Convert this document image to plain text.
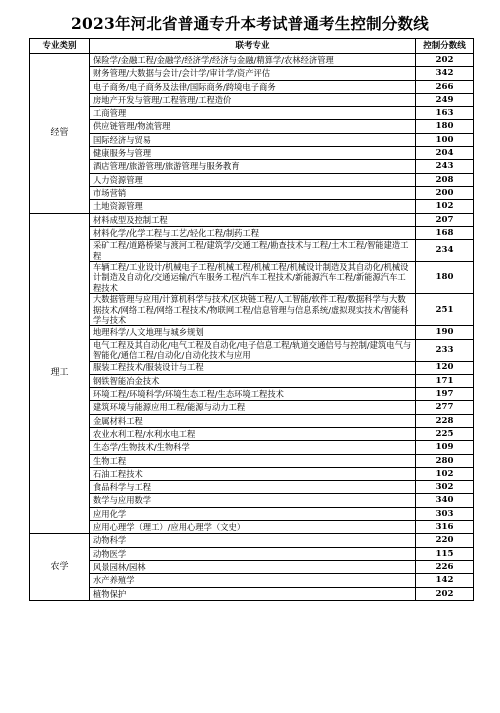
2023年河北省普通专升本考试普通考生控制分数线
专业类别	联考专业	控制分数线
经管	保险学/金融工程/金融学/经济学/经济与金融/精算学/农林经济管理	202
	财务管理/大数据与会计/会计学/审计学/资产评估	342
	电子商务/电子商务及法律/国际商务/跨境电子商务	266
	房地产开发与管理/工程管理/工程造价	249
	工商管理	163
	供应链管理/物流管理	180
	国际经济与贸易	100
	健康服务与管理	204
	酒店管理/旅游管理/旅游管理与服务教育	243
	人力资源管理	208
	市场营销	200
	土地资源管理	102
理工	材料成型及控制工程	207
	材料化学/化学工程与工艺/轻化工程/制药工程	168
	采矿工程/道路桥梁与渡河工程/建筑学/交通工程/勘查技术与工程/土木工程/智能建造工程	234
	车辆工程/工业设计/机械电子工程/机械工程/机械工程/机械设计制造及其自动化/机械设计制造及自动化/交通运输/汽车服务工程/汽车工程技术/新能源汽车工程/新能源汽车工程技术	180
	大数据管理与应用/计算机科学与技术/区块链工程/人工智能/软件工程/数据科学与大数据技术/网络工程/网络工程技术/物联网工程/信息管理与信息系统/虚拟现实技术/智能科学与技术	251
	地理科学/人文地理与城乡规划	190
	电气工程及其自动化/电气工程及自动化/电子信息工程/轨道交通信号与控制/建筑电气与智能化/通信工程/自动化/自动化技术与应用	233
	服装工程技术/服装设计与工程	120
	钢铁智能冶金技术	171
	环境工程/环境科学/环境生态工程/生态环境工程技术	197
	建筑环境与能源应用工程/能源与动力工程	277
	金属材料工程	228
	农业水利工程/水利水电工程	225
	生态学/生物技术/生物科学	109
	生物工程	280
	石油工程技术	102
	食品科学与工程	302
	数学与应用数学	340
	应用化学	303
	应用心理学（理工）/应用心理学（文史）	316
农学	动物科学	220
	动物医学	115
	风景园林/园林	226
	水产养殖学	142
	植物保护	202
